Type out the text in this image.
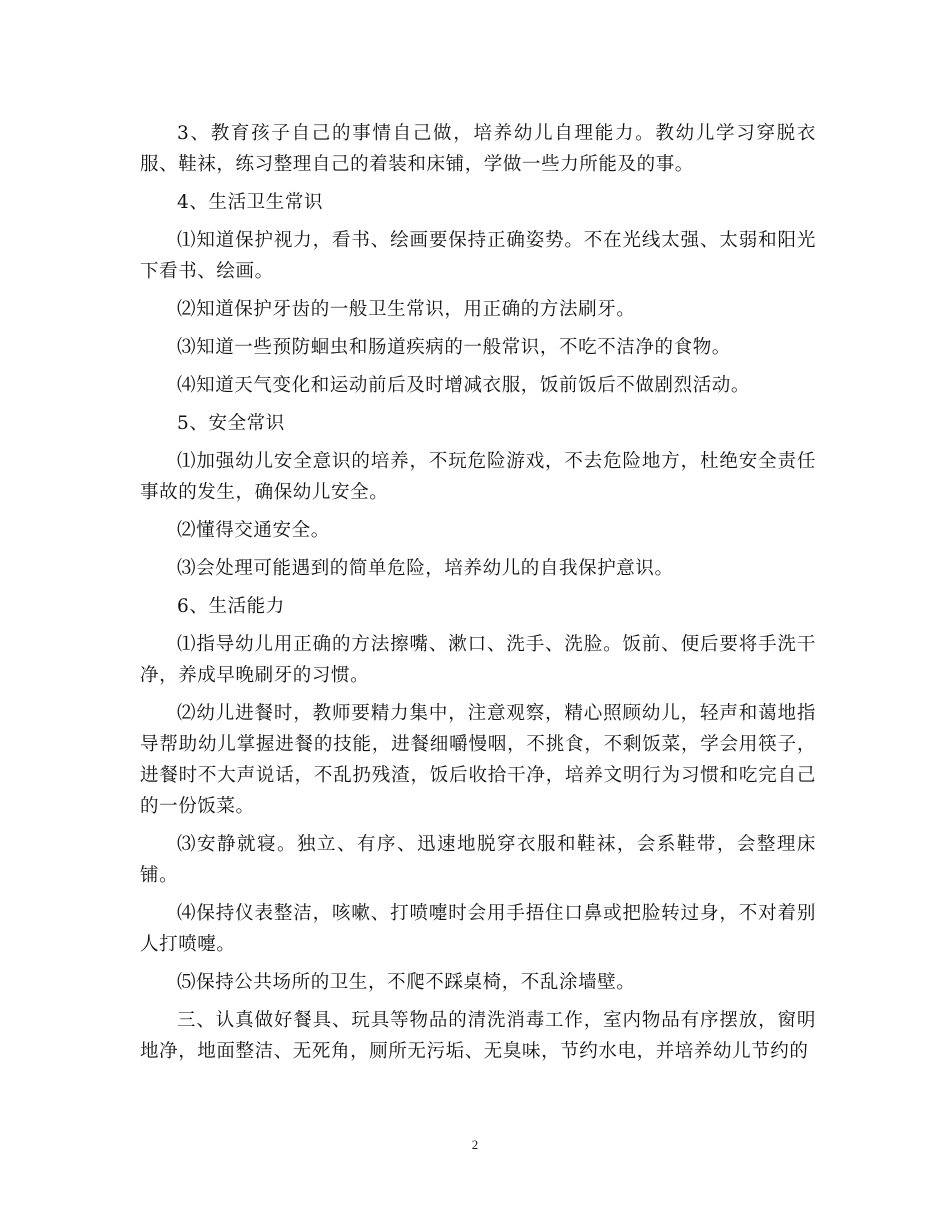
3、教育孩子自己的事情自己做，培养幼儿自理能力。教幼儿学习穿脱衣服、鞋袜，练习整理自己的着装和床铺，学做一些力所能及的事。

4、生活卫生常识

⑴知道保护视力，看书、绘画要保持正确姿势。不在光线太强、太弱和阳光下看书、绘画。

⑵知道保护牙齿的一般卫生常识，用正确的方法刷牙。

⑶知道一些预防蛔虫和肠道疾病的一般常识，不吃不洁净的食物。

⑷知道天气变化和运动前后及时增减衣服，饭前饭后不做剧烈活动。

5、安全常识

⑴加强幼儿安全意识的培养，不玩危险游戏，不去危险地方，杜绝安全责任事故的发生，确保幼儿安全。

⑵懂得交通安全。

⑶会处理可能遇到的简单危险，培养幼儿的自我保护意识。

6、生活能力

⑴指导幼儿用正确的方法擦嘴、漱口、洗手、洗脸。饭前、便后要将手洗干净，养成早晚刷牙的习惯。

⑵幼儿进餐时，教师要精力集中，注意观察，精心照顾幼儿，轻声和蔼地指导帮助幼儿掌握进餐的技能，进餐细嚼慢咽，不挑食，不剩饭菜，学会用筷子，进餐时不大声说话，不乱扔残渣，饭后收拾干净，培养文明行为习惯和吃完自己的一份饭菜。

⑶安静就寝。独立、有序、迅速地脱穿衣服和鞋袜，会系鞋带，会整理床铺。

⑷保持仪表整洁，咳嗽、打喷嚏时会用手捂住口鼻或把脸转过身，不对着别人打喷嚏。

⑸保持公共场所的卫生，不爬不踩桌椅，不乱涂墙壁。

三、认真做好餐具、玩具等物品的清洗消毒工作，室内物品有序摆放，窗明地净，地面整洁、无死角，厕所无污垢、无臭味，节约水电，并培养幼儿节约的

2
